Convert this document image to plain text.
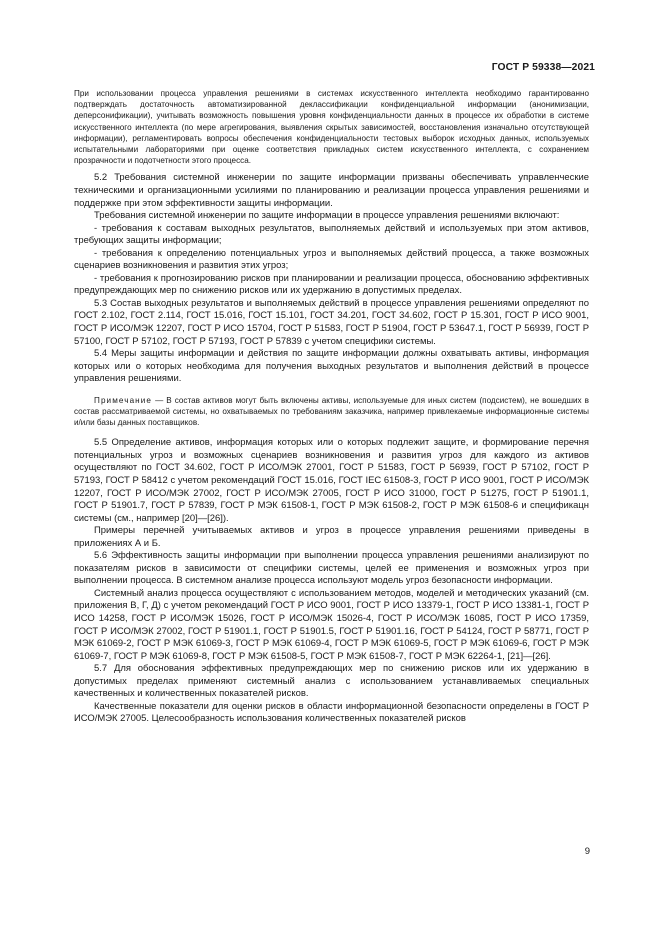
ГОСТ Р 59338—2021

При использовании процесса управления решениями в системах искусственного интеллекта необходимо гарантированно подтверждать достаточность автоматизированной деклассификации конфиденциальной информации (анонимизации, деперсонификации), учитывать возможность повышения уровня конфиденциальности данных в процессе их обработки в системе искусственного интеллекта (по мере агрегирования, выявления скрытых зависимостей, восстановления изначально отсутствующей информации), регламентировать вопросы обеспечения конфиденциальности тестовых выборок исходных данных, используемых испытательными лабораториями при оценке соответствия прикладных систем искусственного интеллекта, с сохранением прозрачности и подотчетности этого процесса.

5.2 Требования системной инженерии по защите информации призваны обеспечивать управленческие техническими и организационными усилиями по планированию и реализации процесса управления решениями и поддержке при этом эффективности защиты информации.

Требования системной инженерии по защите информации в процессе управления решениями включают:

- требования к составам выходных результатов, выполняемых действий и используемых при этом активов, требующих защиты информации;

- требования к определению потенциальных угроз и выполняемых действий процесса, а также возможных сценариев возникновения и развития этих угроз;

- требования к прогнозированию рисков при планировании и реализации процесса, обоснованию эффективных предупреждающих мер по снижению рисков или их удержанию в допустимых пределах.

5.3 Состав выходных результатов и выполняемых действий в процессе управления решениями определяют по ГОСТ 2.102, ГОСТ 2.114, ГОСТ 15.016, ГОСТ 15.101, ГОСТ 34.201, ГОСТ 34.602, ГОСТ Р 15.301, ГОСТ Р ИСО 9001, ГОСТ Р ИСО/МЭК 12207, ГОСТ Р ИСО 15704, ГОСТ Р 51583, ГОСТ Р 51904, ГОСТ Р 53647.1, ГОСТ Р 56939, ГОСТ Р 57100, ГОСТ Р 57102, ГОСТ Р 57193, ГОСТ Р 57839 с учетом специфики системы.

5.4 Меры защиты информации и действия по защите информации должны охватывать активы, информация которых или о которых необходима для получения выходных результатов и выполнения действий в процессе управления решениями.

Примечание — В состав активов могут быть включены активы, используемые для иных систем (подсистем), не вошедших в состав рассматриваемой системы, но охватываемых по требованиям заказчика, например привлекаемые информационные системы и/или базы данных поставщиков.

5.5 Определение активов, информация которых или о которых подлежит защите, и формирование перечня потенциальных угроз и возможных сценариев возникновения и развития угроз для каждого из активов осуществляют по ГОСТ 34.602, ГОСТ Р ИСО/МЭК 27001, ГОСТ Р 51583, ГОСТ Р 56939, ГОСТ Р 57102, ГОСТ Р 57193, ГОСТ Р 58412 с учетом рекомендаций ГОСТ 15.016, ГОСТ IEC 61508-3, ГОСТ Р ИСО 9001, ГОСТ Р ИСО/МЭК 12207, ГОСТ Р ИСО/МЭК 27002, ГОСТ Р ИСО/МЭК 27005, ГОСТ Р ИСО 31000, ГОСТ Р 51275, ГОСТ Р 51901.1, ГОСТ Р 51901.7, ГОСТ Р 57839, ГОСТ Р МЭК 61508-1, ГОСТ Р МЭК 61508-2, ГОСТ Р МЭК 61508-6 и спецификацн системы (см., например [20]—[26]).

Примеры перечней учитываемых активов и угроз в процессе управления решениями приведены в приложениях А и Б.

5.6 Эффективность защиты информации при выполнении процесса управления решениями анализируют по показателям рисков в зависимости от специфики системы, целей ее применения и возможных угроз при выполнении процесса. В системном анализе процесса используют модель угроз безопасности информации.

Системный анализ процесса осуществляют с использованием методов, моделей и методических указаний (см. приложения В, Г, Д) с учетом рекомендаций ГОСТ Р ИСО 9001, ГОСТ Р ИСО 13379-1, ГОСТ Р ИСО 13381-1, ГОСТ Р ИСО 14258, ГОСТ Р ИСО/МЭК 15026, ГОСТ Р ИСО/МЭК 15026-4, ГОСТ Р ИСО/МЭК 16085, ГОСТ Р ИСО 17359, ГОСТ Р ИСО/МЭК 27002, ГОСТ Р 51901.1, ГОСТ Р 51901.5, ГОСТ Р 51901.16, ГОСТ Р 54124, ГОСТ Р 58771, ГОСТ Р МЭК 61069-2, ГОСТ Р МЭК 61069-3, ГОСТ Р МЭК 61069-4, ГОСТ Р МЭК 61069-5, ГОСТ Р МЭК 61069-6, ГОСТ Р МЭК 61069-7, ГОСТ Р МЭК 61069-8, ГОСТ Р МЭК 61508-5, ГОСТ Р МЭК 61508-7, ГОСТ Р МЭК 62264-1, [21]—[26].

5.7 Для обоснования эффективных предупреждающих мер по снижению рисков или их удержанию в допустимых пределах применяют системный анализ с использованием устанавливаемых специальных качественных и количественных показателей рисков.

Качественные показатели для оценки рисков в области информационной безопасности определены в ГОСТ Р ИСО/МЭК 27005. Целесообразность использования количественных показателей рисков

9
